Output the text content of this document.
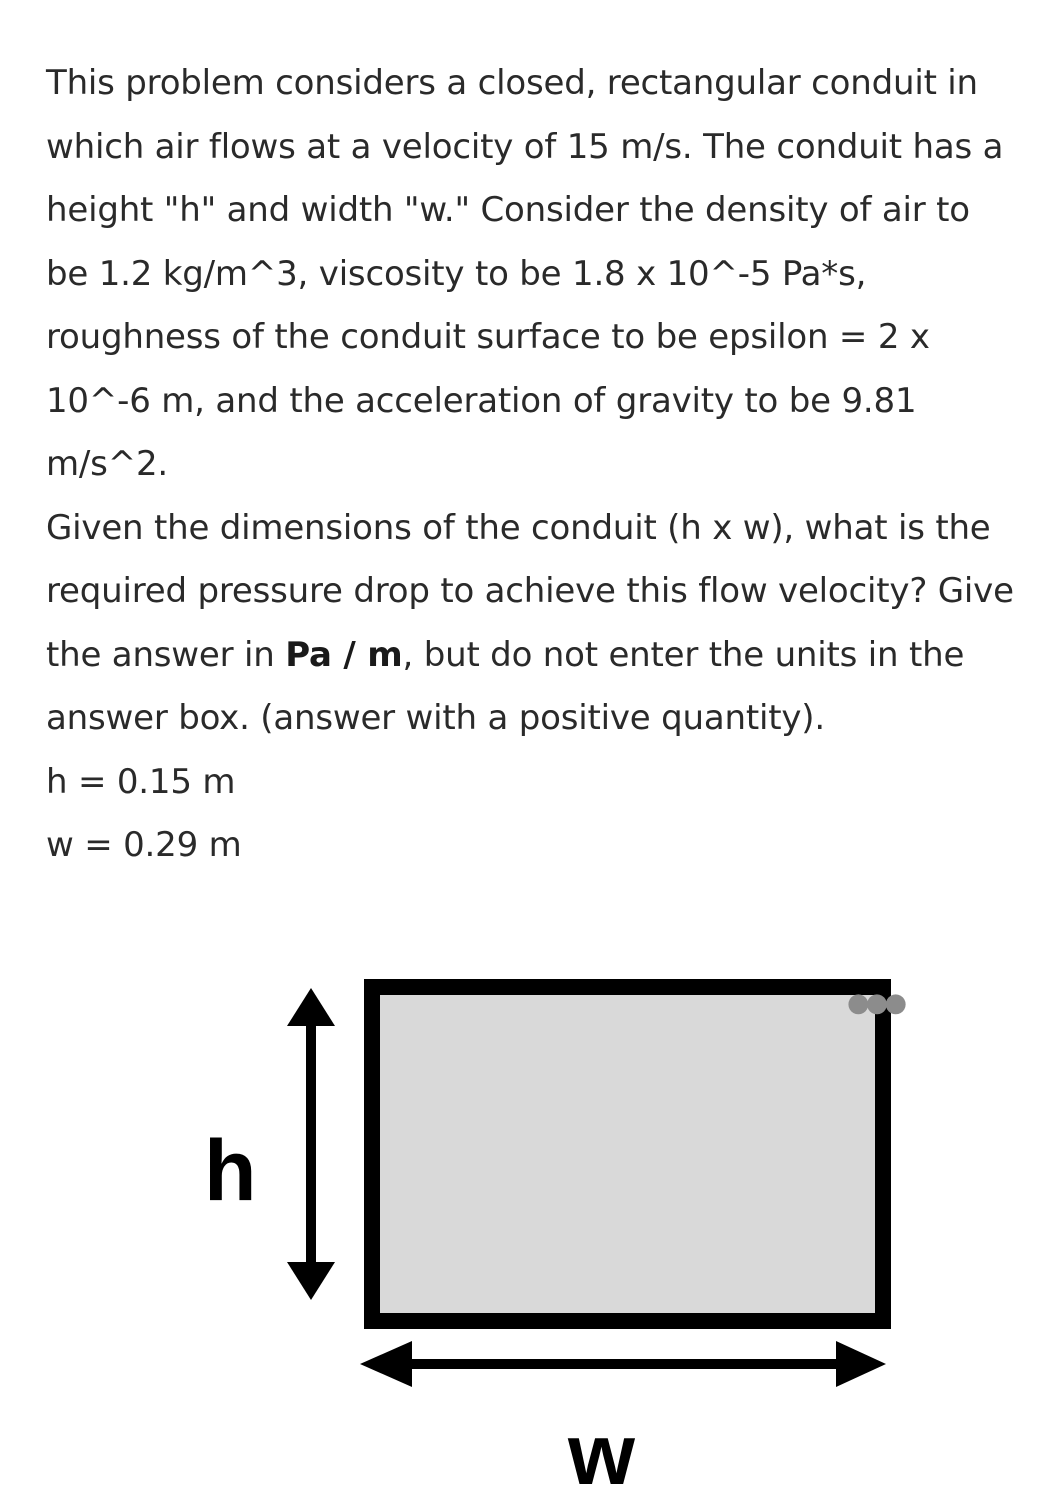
This problem considers a closed, rectangular conduit in which air flows at a velocity of 15 m/s. The conduit has a height "h" and width "w." Consider the density of air to be 1.2 kg/m^3, viscosity to be 1.8 x 10^-5 Pa*s, roughness of the conduit surface to be epsilon = 2 x 10^-6 m, and the acceleration of gravity to be 9.81 m/s^2.

Given the dimensions of the conduit (h x w), what is the required pressure drop to achieve this flow velocity? Give the answer in Pa / m, but do not enter the units in the answer box. (answer with a positive quantity).

h = 0.15 m

w = 0.29 m

h
w
●●●
